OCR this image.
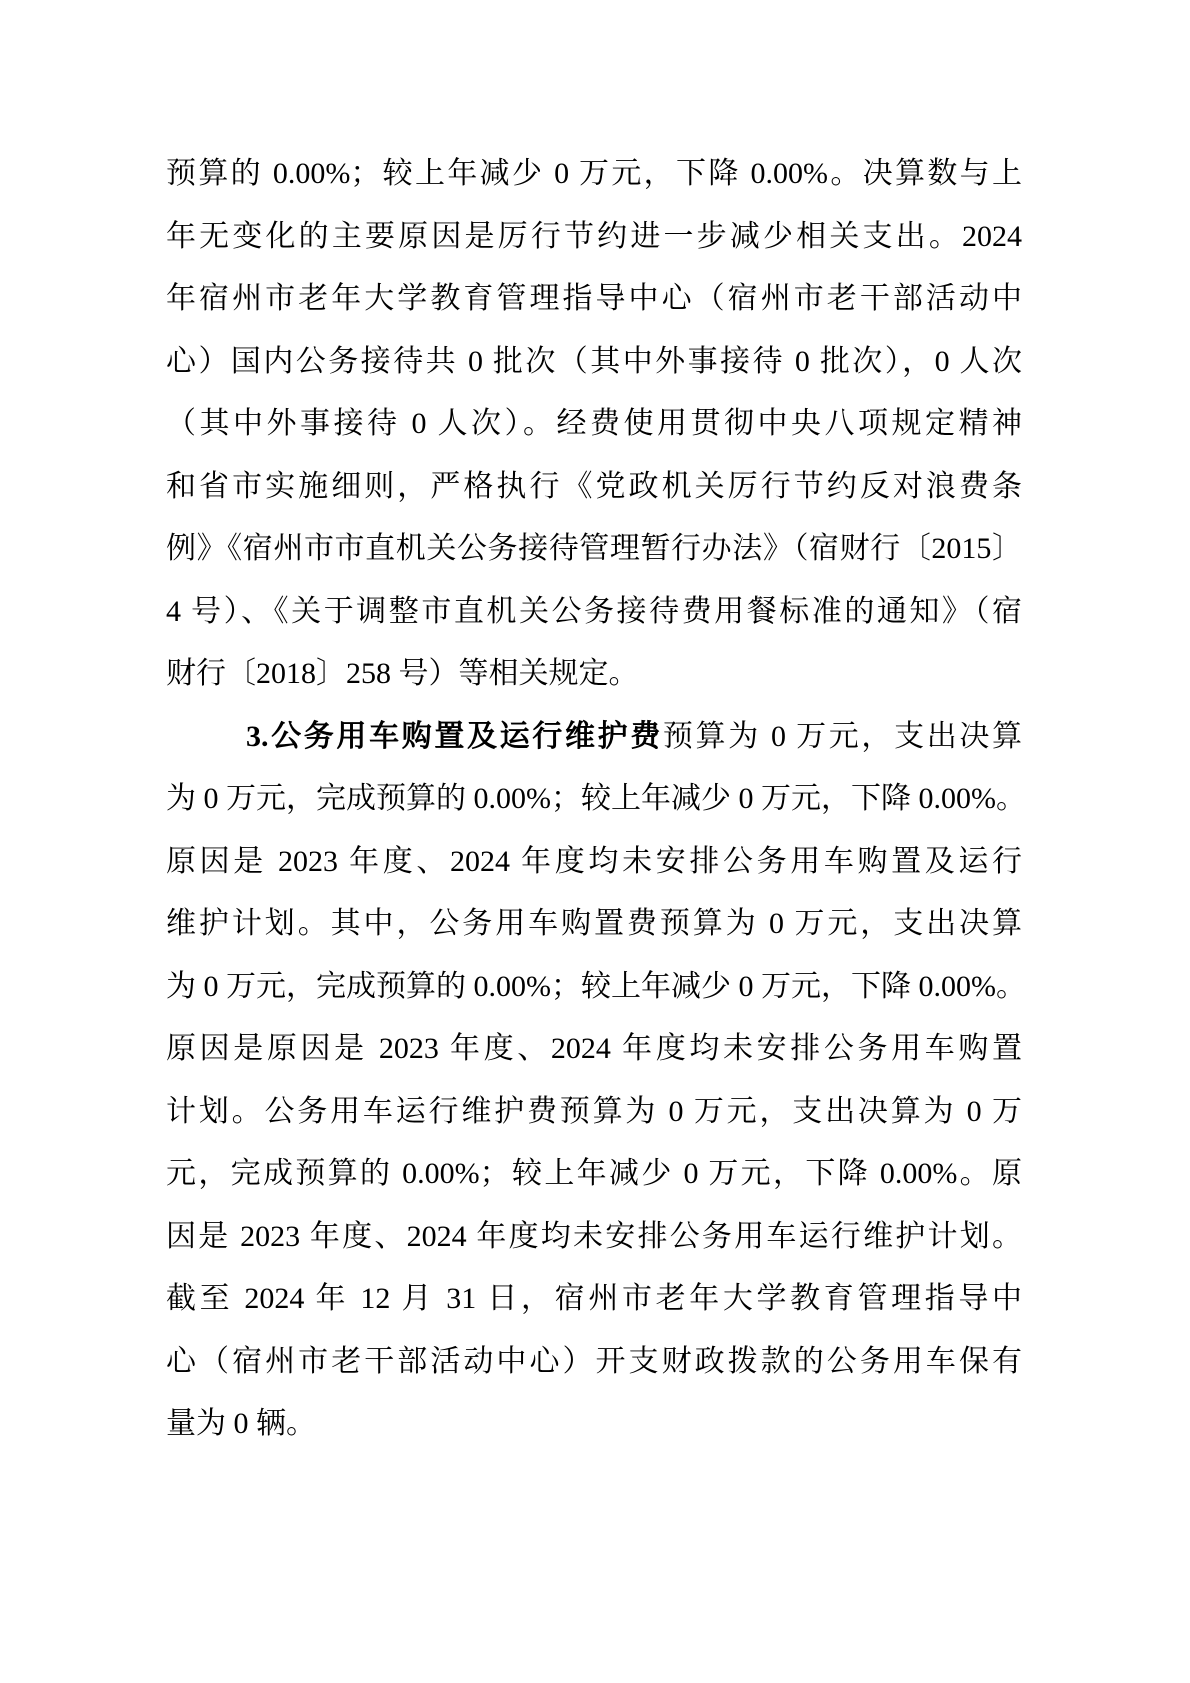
预算的 0.00%；较上年减少 0 万元，下降 0.00%。决算数与上
年无变化的主要原因是厉行节约进一步减少相关支出。2024
年宿州市老年大学教育管理指导中心（宿州市老干部活动中
心）国内公务接待共 0 批次（其中外事接待 0 批次），0 人次
（其中外事接待 0 人次）。经费使用贯彻中央八项规定精神
和省市实施细则，严格执行《党政机关厉行节约反对浪费条
例》《宿州市市直机关公务接待管理暂行办法》（宿财行〔2015〕
4 号）、《关于调整市直机关公务接待费用餐标准的通知》（宿
财行〔2018〕258 号）等相关规定。
3.公务用车购置及运行维护费预算为 0 万元，支出决算
为 0 万元，完成预算的 0.00%；较上年减少 0 万元，下降 0.00%。
原因是 2023 年度、2024 年度均未安排公务用车购置及运行
维护计划。其中，公务用车购置费预算为 0 万元，支出决算
为 0 万元，完成预算的 0.00%；较上年减少 0 万元，下降 0.00%。
原因是原因是 2023 年度、2024 年度均未安排公务用车购置
计划。公务用车运行维护费预算为 0 万元，支出决算为 0 万
元，完成预算的 0.00%；较上年减少 0 万元，下降 0.00%。原
因是 2023 年度、2024 年度均未安排公务用车运行维护计划。
截至 2024 年 12 月 31 日，宿州市老年大学教育管理指导中
心（宿州市老干部活动中心）开支财政拨款的公务用车保有
量为 0 辆。
